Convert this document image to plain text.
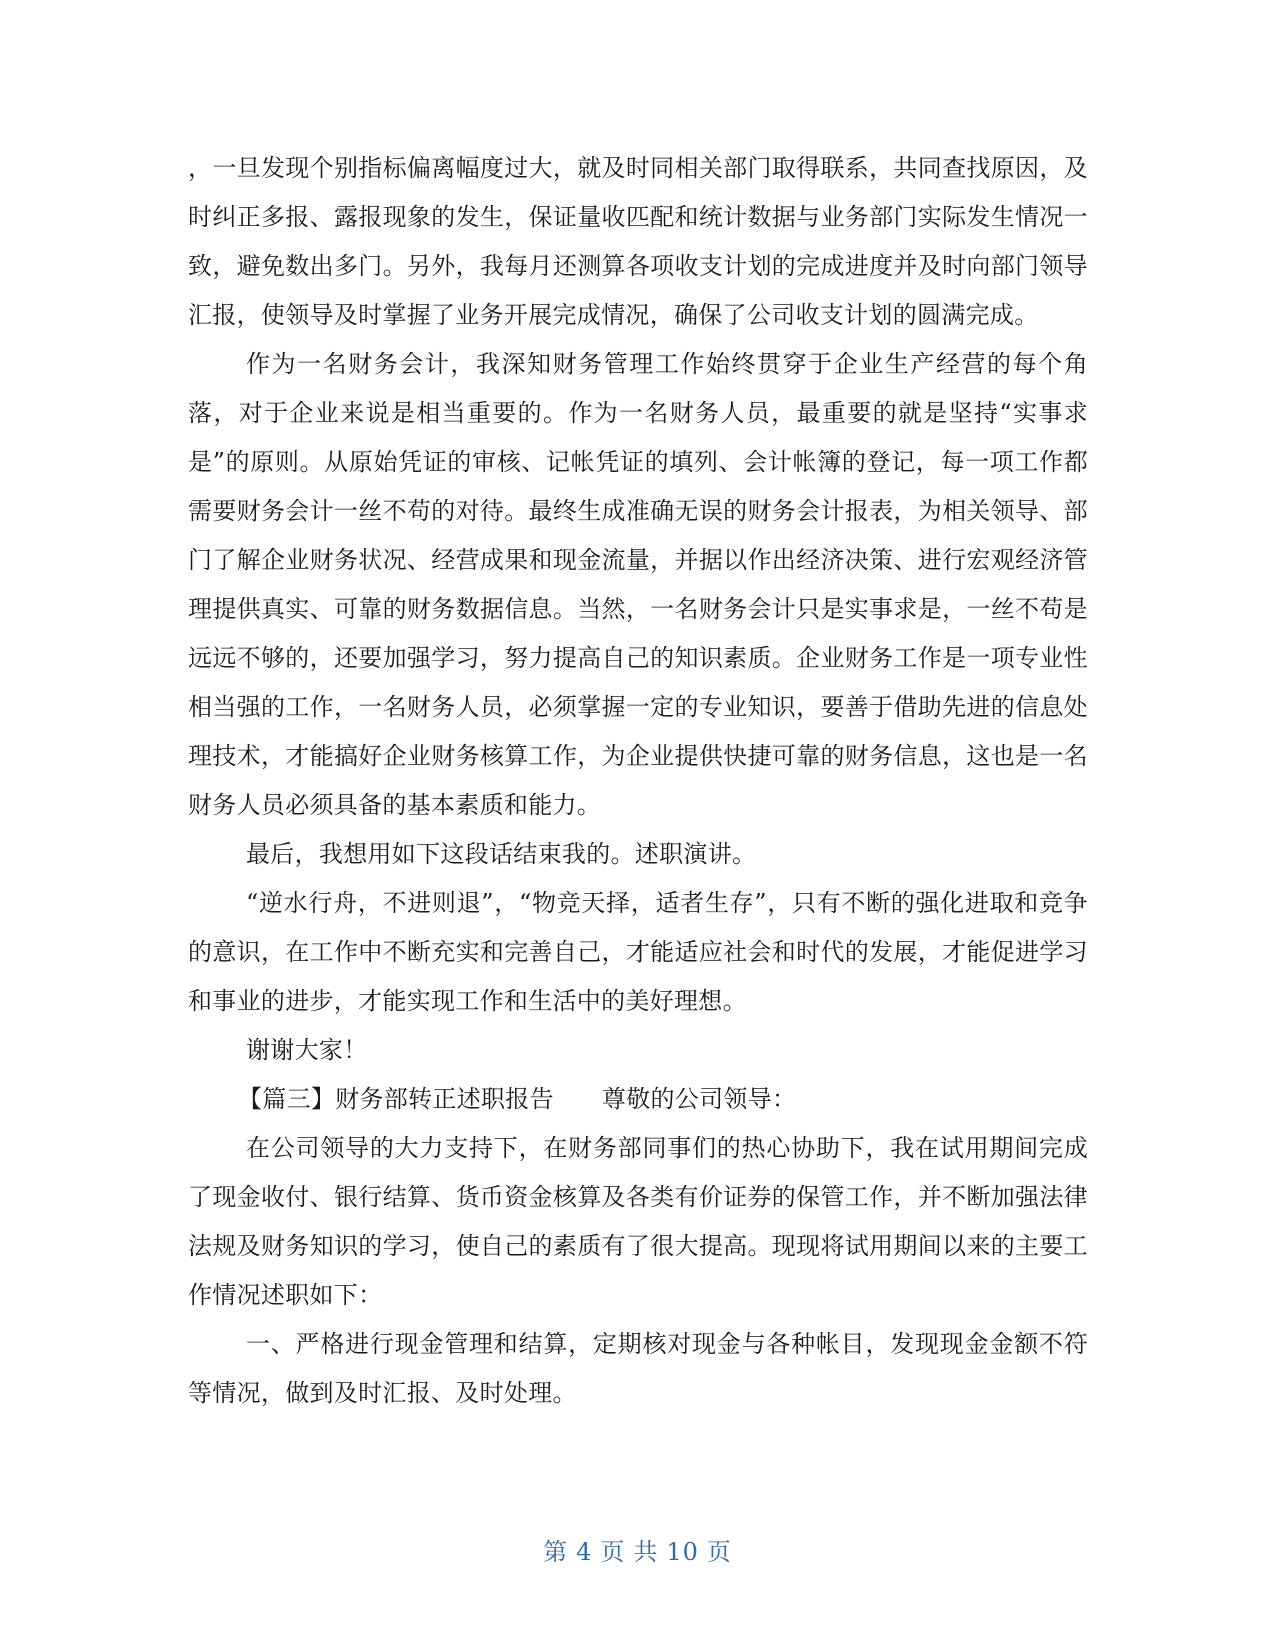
，一旦发现个别指标偏离幅度过大，就及时同相关部门取得联系，共同查找原因，及时纠正多报、露报现象的发生，保证量收匹配和统计数据与业务部门实际发生情况一致，避免数出多门。另外，我每月还测算各项收支计划的完成进度并及时向部门领导汇报，使领导及时掌握了业务开展完成情况，确保了公司收支计划的圆满完成。

作为一名财务会计，我深知财务管理工作始终贯穿于企业生产经营的每个角落，对于企业来说是相当重要的。作为一名财务人员，最重要的就是坚持“实事求是”的原则。从原始凭证的审核、记帐凭证的填列、会计帐簿的登记，每一项工作都需要财务会计一丝不苟的对待。最终生成准确无误的财务会计报表，为相关领导、部门了解企业财务状况、经营成果和现金流量，并据以作出经济决策、进行宏观经济管理提供真实、可靠的财务数据信息。当然，一名财务会计只是实事求是，一丝不苟是远远不够的，还要加强学习，努力提高自己的知识素质。企业财务工作是一项专业性相当强的工作，一名财务人员，必须掌握一定的专业知识，要善于借助先进的信息处理技术，才能搞好企业财务核算工作，为企业提供快捷可靠的财务信息，这也是一名财务人员必须具备的基本素质和能力。

最后，我想用如下这段话结束我的。述职演讲。

“逆水行舟，不进则退”，“物竞天择，适者生存”，只有不断的强化进取和竞争的意识，在工作中不断充实和完善自己，才能适应社会和时代的发展，才能促进学习和事业的进步，才能实现工作和生活中的美好理想。

谢谢大家！

【篇三】财务部转正述职报告 尊敬的公司领导：

在公司领导的大力支持下，在财务部同事们的热心协助下，我在试用期间完成了现金收付、银行结算、货币资金核算及各类有价证券的保管工作，并不断加强法律法规及财务知识的学习，使自己的素质有了很大提高。现现将试用期间以来的主要工作情况述职如下：

一、严格进行现金管理和结算，定期核对现金与各种帐目，发现现金金额不符等情况，做到及时汇报、及时处理。

第 4 页 共 10 页
